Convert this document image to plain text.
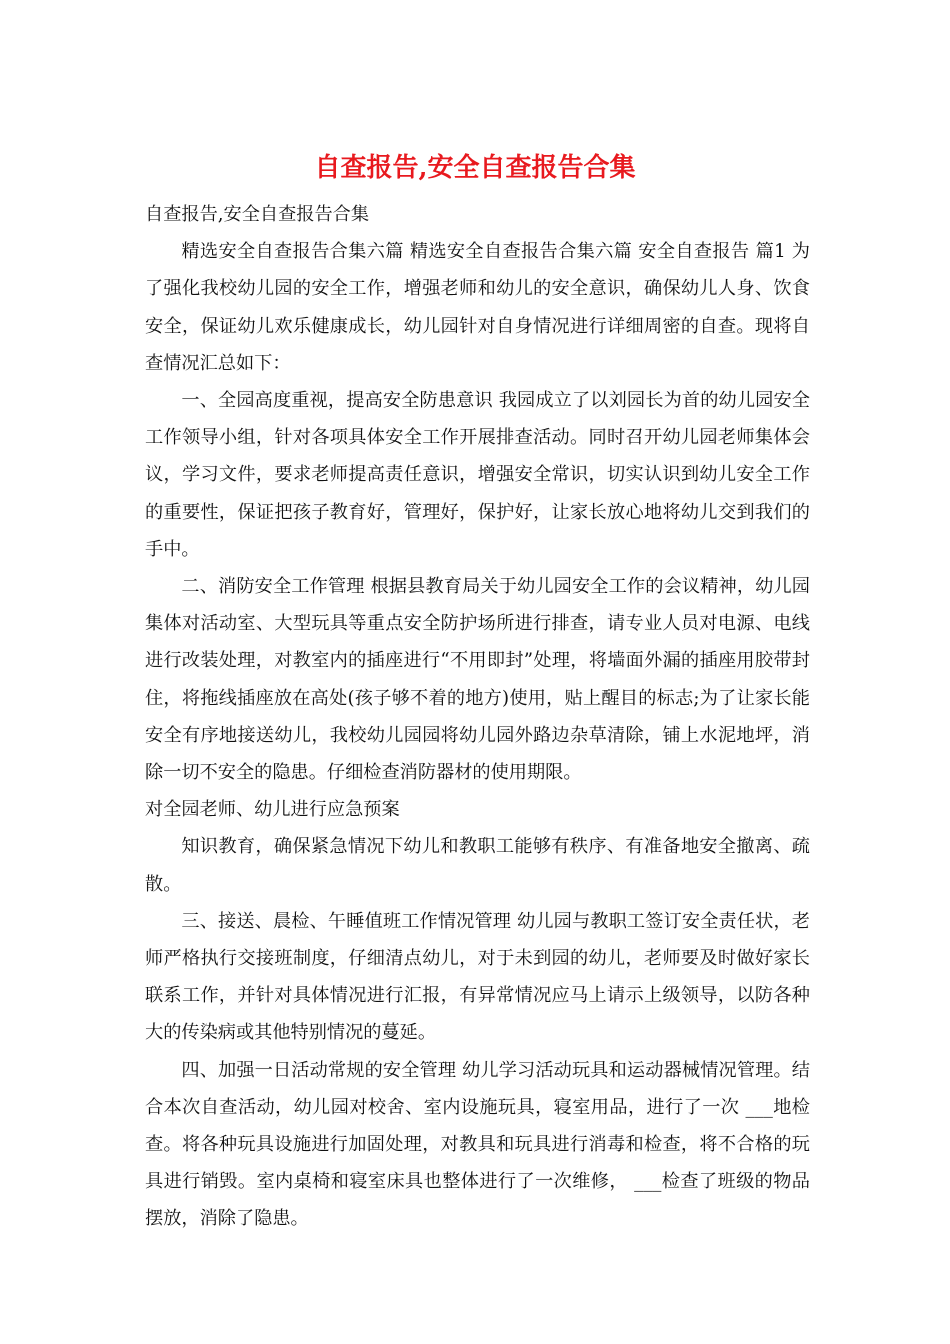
自查报告,安全自查报告合集

自查报告,安全自查报告合集

精选安全自查报告合集六篇 精选安全自查报告合集六篇 安全自查报告 篇1 为了强化我校幼儿园的安全工作，增强老师和幼儿的安全意识，确保幼儿人身、饮食安全，保证幼儿欢乐健康成长，幼儿园针对自身情况进行详细周密的自查。现将自查情况汇总如下：

一、全园高度重视，提高安全防患意识 我园成立了以刘园长为首的幼儿园安全工作领导小组，针对各项具体安全工作开展排查活动。同时召开幼儿园老师集体会议，学习文件，要求老师提高责任意识，增强安全常识，切实认识到幼儿安全工作的重要性，保证把孩子教育好，管理好，保护好，让家长放心地将幼儿交到我们的手中。

二、消防安全工作管理 根据县教育局关于幼儿园安全工作的会议精神，幼儿园集体对活动室、大型玩具等重点安全防护场所进行排查，请专业人员对电源、电线进行改装处理，对教室内的插座进行“不用即封”处理，将墙面外漏的插座用胶带封住，将拖线插座放在高处(孩子够不着的地方)使用，贴上醒目的标志;为了让家长能安全有序地接送幼儿，我校幼儿园园将幼儿园外路边杂草清除，铺上水泥地坪，消除一切不安全的隐患。仔细检查消防器材的使用期限。

对全园老师、幼儿进行应急预案

知识教育，确保紧急情况下幼儿和教职工能够有秩序、有准备地安全撤离、疏散。

三、接送、晨检、午睡值班工作情况管理 幼儿园与教职工签订安全责任状，老师严格执行交接班制度，仔细清点幼儿，对于未到园的幼儿，老师要及时做好家长联系工作，并针对具体情况进行汇报，有异常情况应马上请示上级领导，以防各种大的传染病或其他特别情况的蔓延。

四、加强一日活动常规的安全管理 幼儿学习活动玩具和运动器械情况管理。结合本次自查活动，幼儿园对校舍、室内设施玩具，寝室用品，进行了一次 ___地检查。将各种玩具设施进行加固处理，对教具和玩具进行消毒和检查，将不合格的玩具进行销毁。室内桌椅和寝室床具也整体进行了一次维修， ___检查了班级的物品摆放，消除了隐患。
